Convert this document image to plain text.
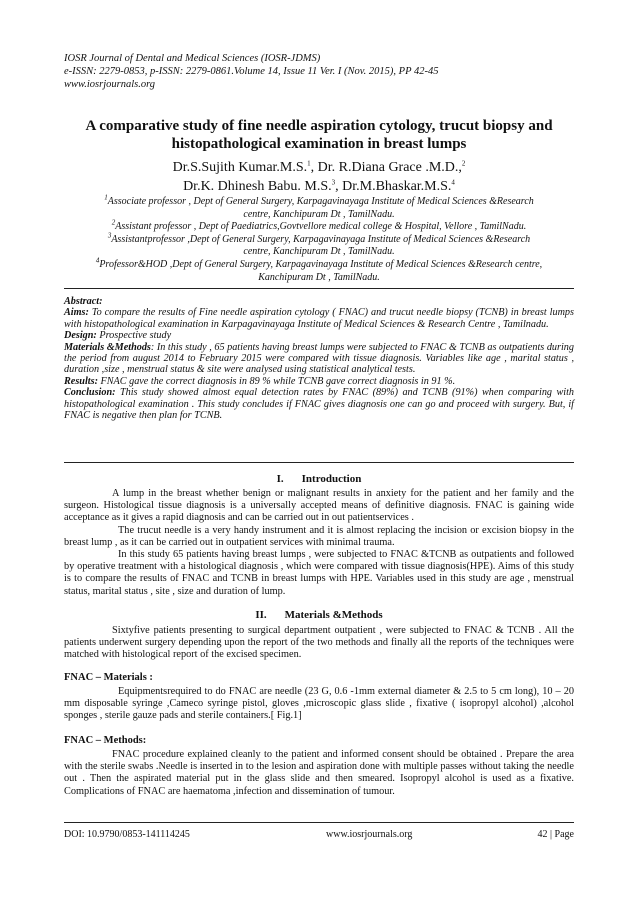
IOSR Journal of Dental and Medical Sciences (IOSR-JDMS)
e-ISSN: 2279-0853, p-ISSN: 2279-0861.Volume 14, Issue 11 Ver. I (Nov. 2015), PP 42-45
www.iosrjournals.org
A comparative study of fine needle aspiration cytology, trucut biopsy and
histopathological examination in breast lumps
Dr.S.Sujith Kumar.M.S.$^1$, Dr. R.Diana Grace .M.D.,$^2$
Dr.K. Dhinesh Babu. M.S.$^3$, Dr.M.Bhaskar.M.S.$^4$
$^1$Associate professor , Dept of General Surgery, Karpagavinayaga Institute of Medical Sciences &Research
centre, Kanchipuram Dt , TamilNadu.
$^2$Assistant professor , Dept of Paediatrics,Govtvellore medical college & Hospital, Vellore , TamilNadu.
$^3$Assistantprofessor ,Dept of General Surgery, Karpagavinayaga Institute of Medical Sciences &Research
centre, Kanchipuram Dt , TamilNadu.
$^4$Professor&HOD ,Dept of General Surgery, Karpagavinayaga Institute of Medical Sciences &Research centre,
Kanchipuram Dt , TamilNadu.

Abstract:

Aims: To compare the results of Fine needle aspiration cytology ( FNAC) and trucut needle biopsy (TCNB) in breast lumps with histopathological examination in Karpagavinayaga Institute of Medical Sciences & Research Centre , Tamilnadu.

Design: Prospective study

Materials &Methods: In this study , 65 patients having breast lumps were subjected to FNAC & TCNB as outpatients during the period from august 2014 to February 2015 were compared with tissue diagnosis. Variables like age , marital status , duration ,size , menstrual status & site were analysed using statistical analytical tests.

Results: FNAC gave the correct diagnosis in 89 % while TCNB gave correct diagnosis in 91 %.

Conclusion: This study showed almost equal detection rates by FNAC (89%) and TCNB (91%) when comparing with histopathological examination . This study concludes if FNAC gives diagnosis one can go and proceed with surgery. But, if FNAC is negative then plan for TCNB.

I. Introduction

A lump in the breast whether benign or malignant results in anxiety for the patient and her family and the surgeon. Histological tissue diagnosis is a universally accepted means of definitive diagnosis. FNAC is gaining wide acceptance as it gives a rapid diagnosis and can be carried out in out patientservices .

The trucut needle is a very handy instrument and it is almost replacing the incision or excision biopsy in the breast lump , as it can be carried out in outpatient services with minimal trauma.

In this study 65 patients having breast lumps , were subjected to FNAC &TCNB as outpatients and followed by operative treatment with a histological diagnosis , which were compared with tissue diagnosis(HPE). Aims of this study is to compare the results of FNAC and TCNB in breast lumps with HPE. Variables used in this study are age , menstrual status, marital status , site , size and duration of lump.

II. Materials &Methods

Sixtyfive patients presenting to surgical department outpatient , were subjected to FNAC & TCNB . All the patients underwent surgery depending upon the report of the two methods and finally all the reports of the techniques were matched with histological report of the excised specimen.

FNAC – Materials :

Equipmentsrequired to do FNAC are needle (23 G, 0.6 -1mm external diameter & 2.5 to 5 cm long), 10 – 20 mm disposable syringe ,Cameco syringe pistol, gloves ,microscopic glass slide , fixative ( isopropyl alcohol) ,alcohol sponges , sterile gauze pads and sterile containers.[ Fig.1]

FNAC – Methods:

FNAC procedure explained cleanly to the patient and informed consent should be obtained . Prepare the area with the sterile swabs .Needle is inserted in to the lesion and aspiration done with multiple passes without taking the needle out . Then the aspirated material put in the glass slide and then smeared. Isopropyl alcohol is used as a fixative. Complications of FNAC are haematoma ,infection and dissemination of tumour.

DOI: 10.9790/0853-141114245	www.iosrjournals.org	42 | Page
